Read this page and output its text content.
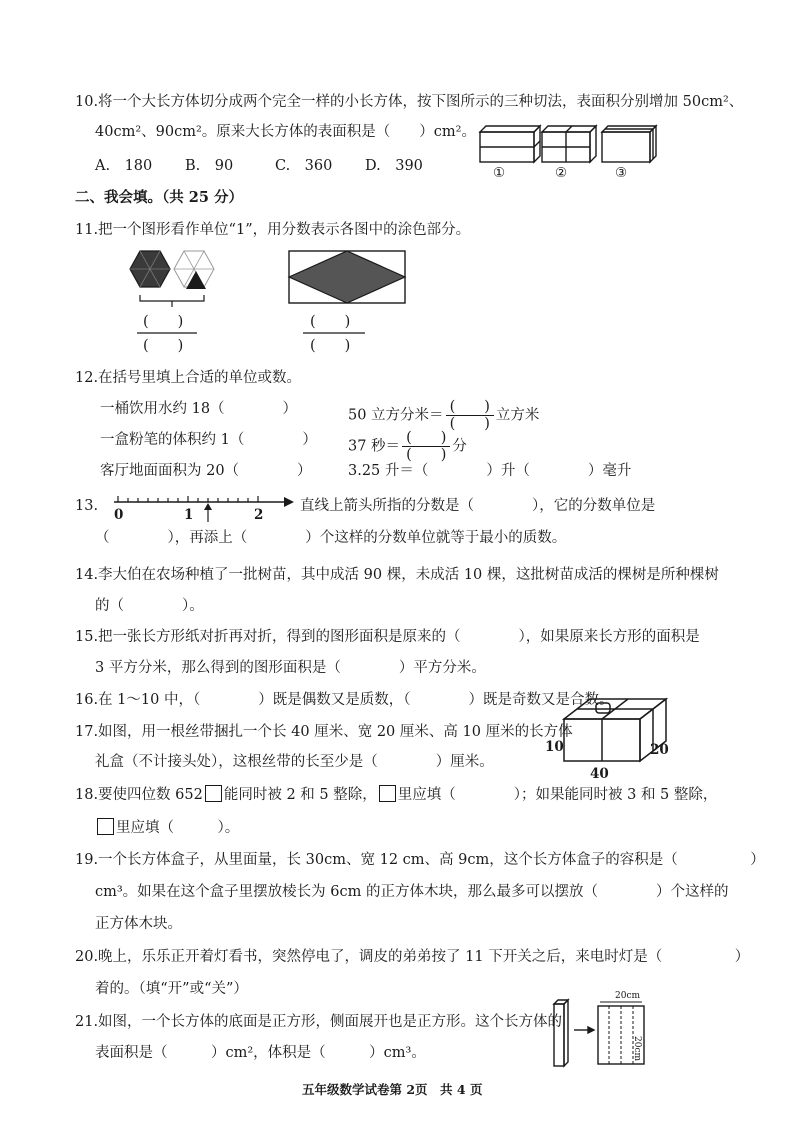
10.将一个大长方体切分成两个完全一样的小长方体，按下图所示的三种切法，表面积分别增加 50cm²、
40cm²、90cm²。原来大长方体的表面积是（　　）cm²。
A.　180 B.　90	C.　360 D.　390	①	②	③
二、我会填。（共 25 分）
11.把一个图形看作单位“1”，用分数表示各图中的涂色部分。
(　　)
(　　)
(　　)
(　　)
12.在括号里填上合适的单位或数。
一桶饮用水约 18（　　　　）
一盒粉笔的体积约 1（　　　　）
客厅地面面积为 20（　　　　）
50 立方分米＝ $\frac{( )}{( )}$ 立方米
37 秒＝ $\frac{( )}{( )}$ 分
3.25 升＝（　　　　）升（　　　　）毫升
13.
0	1	2
直线上箭头所指的分数是（　　　　），它的分数单位是
（　　　　），再添上（　　　　）个这样的分数单位就等于最小的质数。
14.李大伯在农场种植了一批树苗，其中成活 90 棵，未成活 10 棵，这批树苗成活的棵树是所种棵树
的（　　　　）。
15.把一张长方形纸对折再对折，得到的图形面积是原来的（　　　　），如果原来长方形的面积是
3 平方分米，那么得到的图形面积是（　　　　）平方分米。
16.在 1～10 中，（　　　　）既是偶数又是质数，（　　　　）既是奇数又是合数。
17.如图，用一根丝带捆扎一个长 40 厘米、宽 20 厘米、高 10 厘米的长方体
礼盒（不计接头处），这根丝带的长至少是（　　　　）厘米。
10	20
40
18.要使四位数 652 能同时被 2 和 5 整除， 里应填（　　　　）；如果能同时被 3 和 5 整除，
里应填（　　　）。
19.一个长方体盒子，从里面量，长 30cm、宽 12 cm、高 9cm，这个长方体盒子的容积是（　　　　　）
cm³。如果在这个盒子里摆放棱长为 6cm 的正方体木块，那么最多可以摆放（　　　　）个这样的
正方体木块。
20.晚上，乐乐正开着灯看书，突然停电了，调皮的弟弟按了 11 下开关之后，来电时灯是（　　　　　）
着的。（填“开”或“关”）
21.如图，一个长方体的底面是正方形，侧面展开也是正方形。这个长方体的
表面积是（　　　）cm²，体积是（　　　）cm³。
20cm
20cm
五年级数学试卷第 2页　共 4 页
